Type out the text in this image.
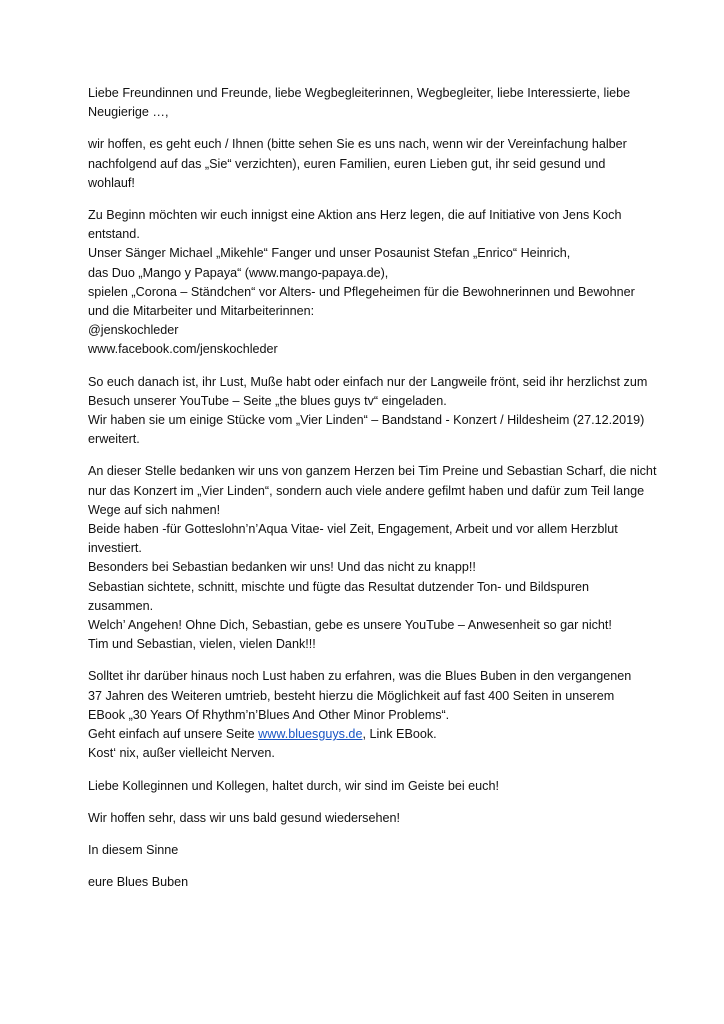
Liebe Freundinnen und Freunde, liebe Wegbegleiterinnen, Wegbegleiter, liebe Interessierte, liebe
Neugierige …,

wir hoffen, es geht euch / Ihnen (bitte sehen Sie es uns nach, wenn wir der Vereinfachung halber
nachfolgend auf das „Sie“ verzichten), euren Familien, euren Lieben gut, ihr seid gesund und
wohlauf!

Zu Beginn möchten wir euch innigst eine Aktion ans Herz legen, die auf Initiative von Jens Koch
entstand.
Unser Sänger Michael „Mikehle“ Fanger und unser Posaunist Stefan „Enrico“ Heinrich,
das Duo „Mango y Papaya“ (www.mango-papaya.de),
spielen „Corona – Ständchen“ vor Alters- und Pflegeheimen für die Bewohnerinnen und Bewohner
und die Mitarbeiter und Mitarbeiterinnen:
@jenskochleder
www.facebook.com/jenskochleder

So euch danach ist, ihr Lust, Muße habt oder einfach nur der Langweile frönt, seid ihr herzlichst zum
Besuch unserer YouTube – Seite „the blues guys tv“ eingeladen.
Wir haben sie um einige Stücke vom „Vier Linden“ – Bandstand - Konzert / Hildesheim (27.12.2019)
erweitert.

An dieser Stelle bedanken wir uns von ganzem Herzen bei Tim Preine und Sebastian Scharf, die nicht
nur das Konzert im „Vier Linden“, sondern auch viele andere gefilmt haben und dafür zum Teil lange
Wege auf sich nahmen!
Beide haben -für Gotteslohn’n’Aqua Vitae- viel Zeit, Engagement, Arbeit und vor allem Herzblut
investiert.
Besonders bei Sebastian bedanken wir uns! Und das nicht zu knapp!!
Sebastian sichtete, schnitt, mischte und fügte das Resultat dutzender Ton- und Bildspuren
zusammen.
Welch’ Angehen! Ohne Dich, Sebastian, gebe es unsere YouTube – Anwesenheit so gar nicht!
Tim und Sebastian, vielen, vielen Dank!!!

Solltet ihr darüber hinaus noch Lust haben zu erfahren, was die Blues Buben in den vergangenen
37 Jahren des Weiteren umtrieb, besteht hierzu die Möglichkeit auf fast 400 Seiten in unserem
EBook „30 Years Of Rhythm’n’Blues And Other Minor Problems“.
Geht einfach auf unsere Seite www.bluesguys.de, Link EBook.
Kost‘ nix, außer vielleicht Nerven.

Liebe Kolleginnen und Kollegen, haltet durch, wir sind im Geiste bei euch!

Wir hoffen sehr, dass wir uns bald gesund wiedersehen!

In diesem Sinne

eure Blues Buben
